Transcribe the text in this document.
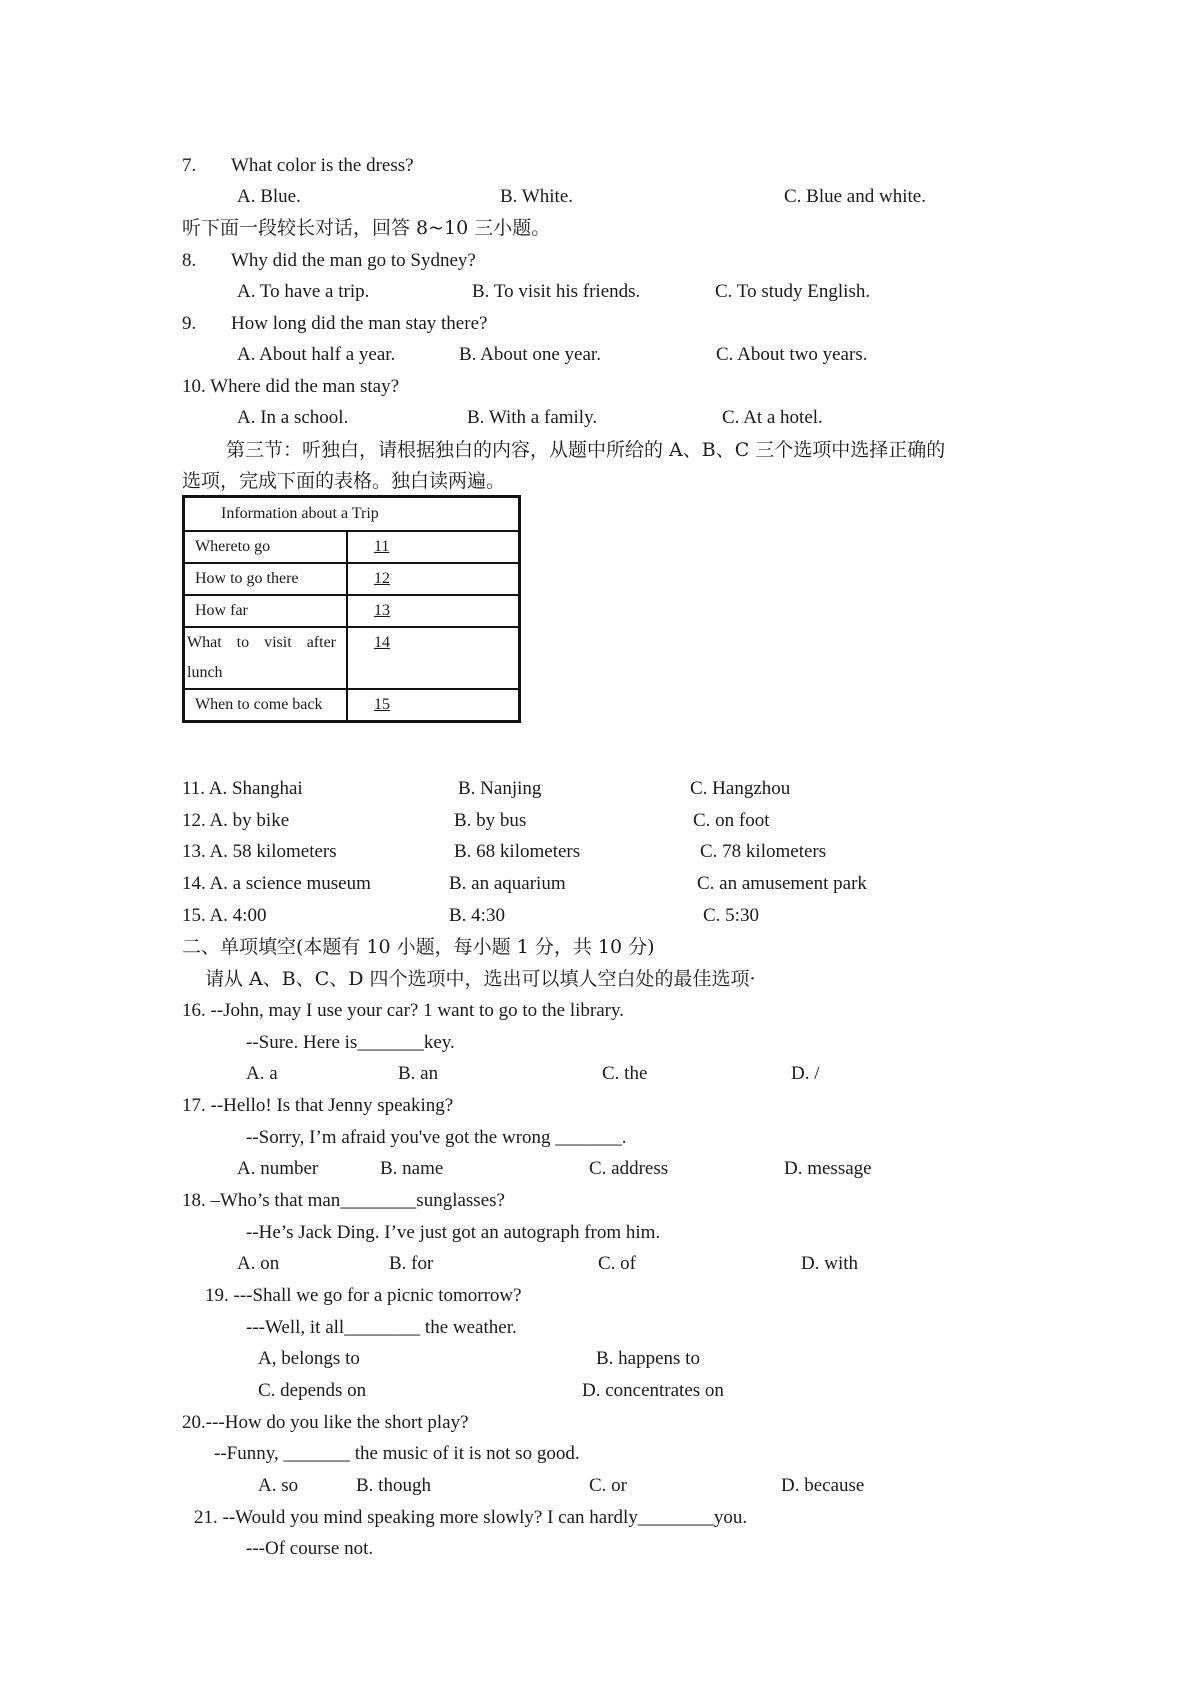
7. What color is the dress?
A. Blue.	B. White.	C. Blue and white.
听下面一段较长对话，回答 8~10 三小题。
8. Why did the man go to Sydney?
A. To have a trip.	B. To visit his friends.	C. To study English.
9. How long did the man stay there?
A. About half a year.	B. About one year.	C. About two years.
10. Where did the man stay?
A. In a school.	B. With a family.	C. At a hotel.
第三节：听独白，请根据独白的内容，从题中所给的 A、B、C 三个选项中选择正确的
选项，完成下面的表格。独白读两遍。
Information about a Trip	
Whereto go	11
How to go there	12
How far	13
What to visit after lunch	14
When to come back	15
11. A. Shanghai	B. Nanjing	C. Hangzhou
12. A. by bike	B. by bus	C. on foot
13. A. 58 kilometers	B. 68 kilometers	C. 78 kilometers
14. A. a science museum	B. an aquarium	C. an amusement park
15. A. 4:00	B. 4:30	C. 5:30
二、单项填空(本题有 10 小题，每小题 1 分，共 10 分)
请从 A、B、C、D 四个选项中，选出可以填人空白处的最佳选项·
16. --John, may I use your car? 1 want to go to the library.
--Sure. Here is_______key.
A. a	B. an	C. the	D. /
17. --Hello! Is that Jenny speaking?
--Sorry, I’m afraid you've got the wrong _______.
A. number	B. name	C. address	D. message
18. –Who’s that man________sunglasses?
--He’s Jack Ding. I’ve just got an autograph from him.
A. on	B. for	C. of	D. with
19. ---Shall we go for a picnic tomorrow?
---Well, it all________ the weather.
A, belongs to	B. happens to
C. depends on	D. concentrates on
20.---How do you like the short play?
--Funny, _______ the music of it is not so good.
A. so	B. though	C. or	D. because
21. --Would you mind speaking more slowly? I can hardly________you.
---Of course not.
